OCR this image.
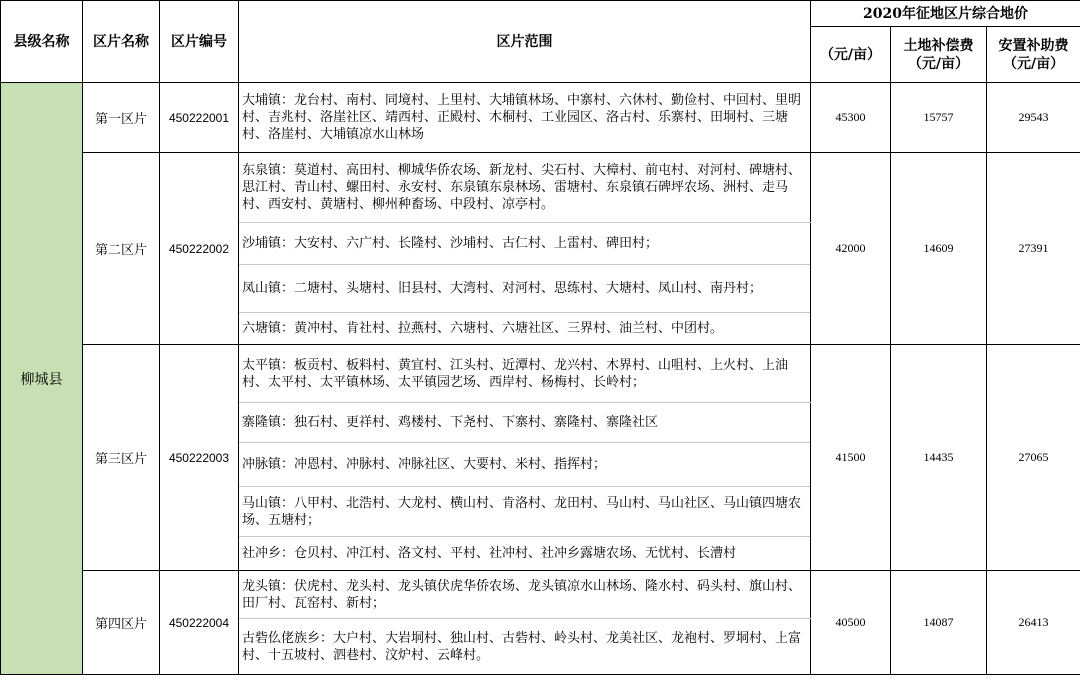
县级名称	区片名称	区片编号	区片范围	2020年征地区片综合地价		
				（元/亩）	土地补偿费（元/亩）	安置补助费（元/亩）
柳城县	第一区片	450222001	大埔镇：龙台村、南村、同境村、上里村、大埔镇林场、中寨村、六休村、勤俭村、中回村、里明村、吉兆村、洛崖社区、靖西村、正殿村、木桐村、工业园区、洛古村、乐寨村、田垌村、三塘村、洛崖村、大埔镇凉水山林场	45300	15757	29543
	第二区片	450222002	东泉镇：莫道村、高田村、柳城华侨农场、新龙村、尖石村、大樟村、前屯村、对河村、碑塘村、思江村、青山村、螺田村、永安村、东泉镇东泉林场、雷塘村、东泉镇石碑坪农场、洲村、走马村、西安村、黄塘村、柳州种畜场、中段村、凉亭村。	42000	14609	27391
			沙埔镇：大安村、六广村、长隆村、沙埔村、古仁村、上雷村、碑田村；			
			凤山镇：二塘村、头塘村、旧县村、大湾村、对河村、思练村、大塘村、凤山村、南丹村；			
			六塘镇：黄冲村、肯社村、拉燕村、六塘村、六塘社区、三界村、油兰村、中团村。			
	第三区片	450222003	太平镇：板贡村、板料村、黄宜村、江头村、近潭村、龙兴村、木界村、山咀村、上火村、上油村、太平村、太平镇林场、太平镇园艺场、西岸村、杨梅村、长岭村；	41500	14435	27065
			寨隆镇：独石村、更祥村、鸡楼村、下尧村、下寨村、寨隆村、寨隆社区			
			冲脉镇：冲恩村、冲脉村、冲脉社区、大要村、米村、指挥村；			
			马山镇：八甲村、北浩村、大龙村、横山村、肯洛村、龙田村、马山村、马山社区、马山镇四塘农场、五塘村；			
			社冲乡：仓贝村、冲江村、洛文村、平村、社冲村、社冲乡露塘农场、无忧村、长漕村			
	第四区片	450222004	龙头镇：伏虎村、龙头村、龙头镇伏虎华侨农场、龙头镇凉水山林场、隆水村、码头村、旗山村、田厂村、瓦窑村、新村；	40500	14087	26413
			古砦仫佬族乡：大户村、大岩垌村、独山村、古砦村、岭头村、龙美社区、龙袍村、罗垌村、上富村、十五坡村、泗巷村、汶炉村、云峰村。			
